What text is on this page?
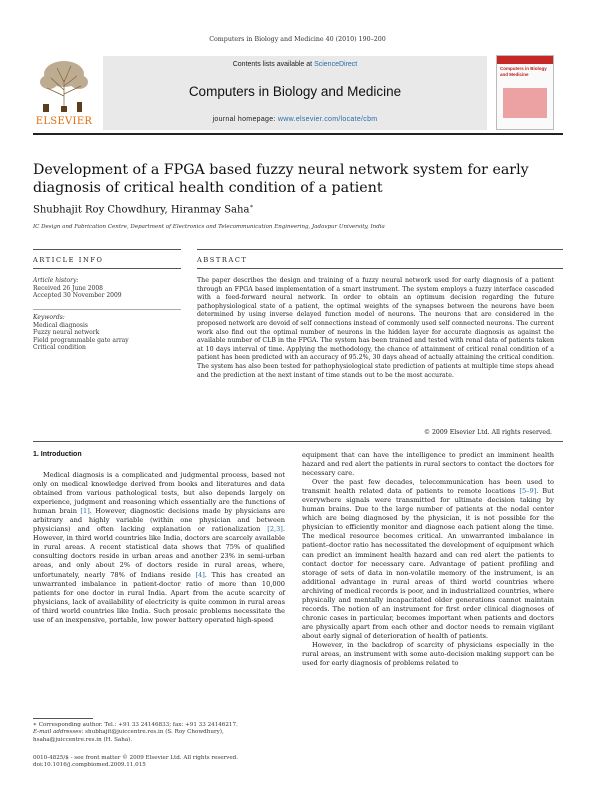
Computers in Biology and Medicine 40 (2010) 190–200
ELSEVIER
Contents lists available at ScienceDirect
Computers in Biology and Medicine
journal homepage: www.elsevier.com/locate/cbm
Computers in Biology and Medicine
Development of a FPGA based fuzzy neural network system for early
diagnosis of critical health condition of a patient
Shubhajit Roy Chowdhury, Hiranmay Saha∗
IC Design and Fabrication Centre, Department of Electronics and Telecommunication Engineering, Jadavpur University, India
ARTICLE INFO
Article history:
Received 26 June 2008
Accepted 30 November 2009
Keywords:
Medical diagnosis
Fuzzy neural network
Field programmable gate array
Critical condition
ABSTRACT
The paper describes the design and training of a fuzzy neural network used for early diagnosis of a patient through an FPGA based implementation of a smart instrument. The system employs a fuzzy interface cascaded with a feed-forward neural network. In order to obtain an optimum decision regarding the future pathophysiological state of a patient, the optimal weights of the synapses between the neurons have been determined by using inverse delayed function model of neurons. The neurons that are considered in the proposed network are devoid of self connections instead of commonly used self connected neurons. The current work also find out the optimal number of neurons in the hidden layer for accurate diagnosis as against the available number of CLB in the FPGA. The system has been trained and tested with renal data of patients taken at 10 days interval of time. Applying the methodology, the chance of attainment of critical renal condition of a patient has been predicted with an accuracy of 95.2%, 30 days ahead of actually attaining the critical condition. The system has also been tested for pathophysiological state prediction of patients at multiple time steps ahead and the prediction at the next instant of time stands out to be the most accurate.
© 2009 Elsevier Ltd. All rights reserved.
1. Introduction

Medical diagnosis is a complicated and judgmental process, based not only on medical knowledge derived from books and literatures and data obtained from various pathological tests, but also depends largely on experience, judgment and reasoning which essentially are the functions of human brain [1]. However, diagnostic decisions made by physicians are arbitrary and highly variable (within one physician and between physicians) and often lacking explanation or rationalization [2,3]. However, in third world countries like India, doctors are scarcely available in rural areas. A recent statistical data shows that 75% of qualified consulting doctors reside in urban areas and another 23% in semi-urban areas, and only about 2% of doctors reside in rural areas, where, unfortunately, nearly 78% of Indians reside [4]. This has created an unwarranted imbalance in patient-doctor ratio of more than 10,000 patients for one doctor in rural India. Apart from the acute scarcity of physicians, lack of availability of electricity is quite common in rural areas of third world countries like India. Such prosaic problems necessitate the use of an inexpensive, portable, low power battery operated high-speed

equipment that can have the intelligence to predict an imminent health hazard and red alert the patients in rural sectors to contact the doctors for necessary care.

Over the past few decades, telecommunication has been used to transmit health related data of patients to remote locations [5–9]. But everywhere signals were transmitted for ultimate decision taking by human brains. Due to the large number of patients at the nodal center which are being diagnosed by the physician, it is not possible for the physician to efficiently monitor and diagnose each patient along the time. The medical resource becomes critical. An unwarranted imbalance in patient–doctor ratio has necessitated the development of equipment which can predict an imminent health hazard and can red alert the patients to contact doctor for necessary care. Advantage of patient profiling and storage of sets of data in non-volatile memory of the instrument, is an additional advantage in rural areas of third world countries where archiving of medical records is poor, and in industrialized countries, where physically and mentally incapacitated older generations cannot maintain records. The notion of an instrument for first order clinical diagnoses of chronic cases in particular, becomes important when patients and doctors are physically apart from each other and doctor needs to remain vigilant about early signal of deterioration of health of patients.

However, in the backdrop of scarcity of physicians especially in the rural areas, an instrument with some auto-decision making support can be used for early diagnosis of problems related to

∗ Corresponding author. Tel.: +91 33 24146833; fax: +91 33 24146217.
E-mail addresses: shubhajit@juiccentre.res.in (S. Roy Chowdhury),
hsaha@juiccentre.res.in (H. Saha).
0010-4825/$ - see front matter © 2009 Elsevier Ltd. All rights reserved.
doi:10.1016/j.compbiomed.2009.11.015
